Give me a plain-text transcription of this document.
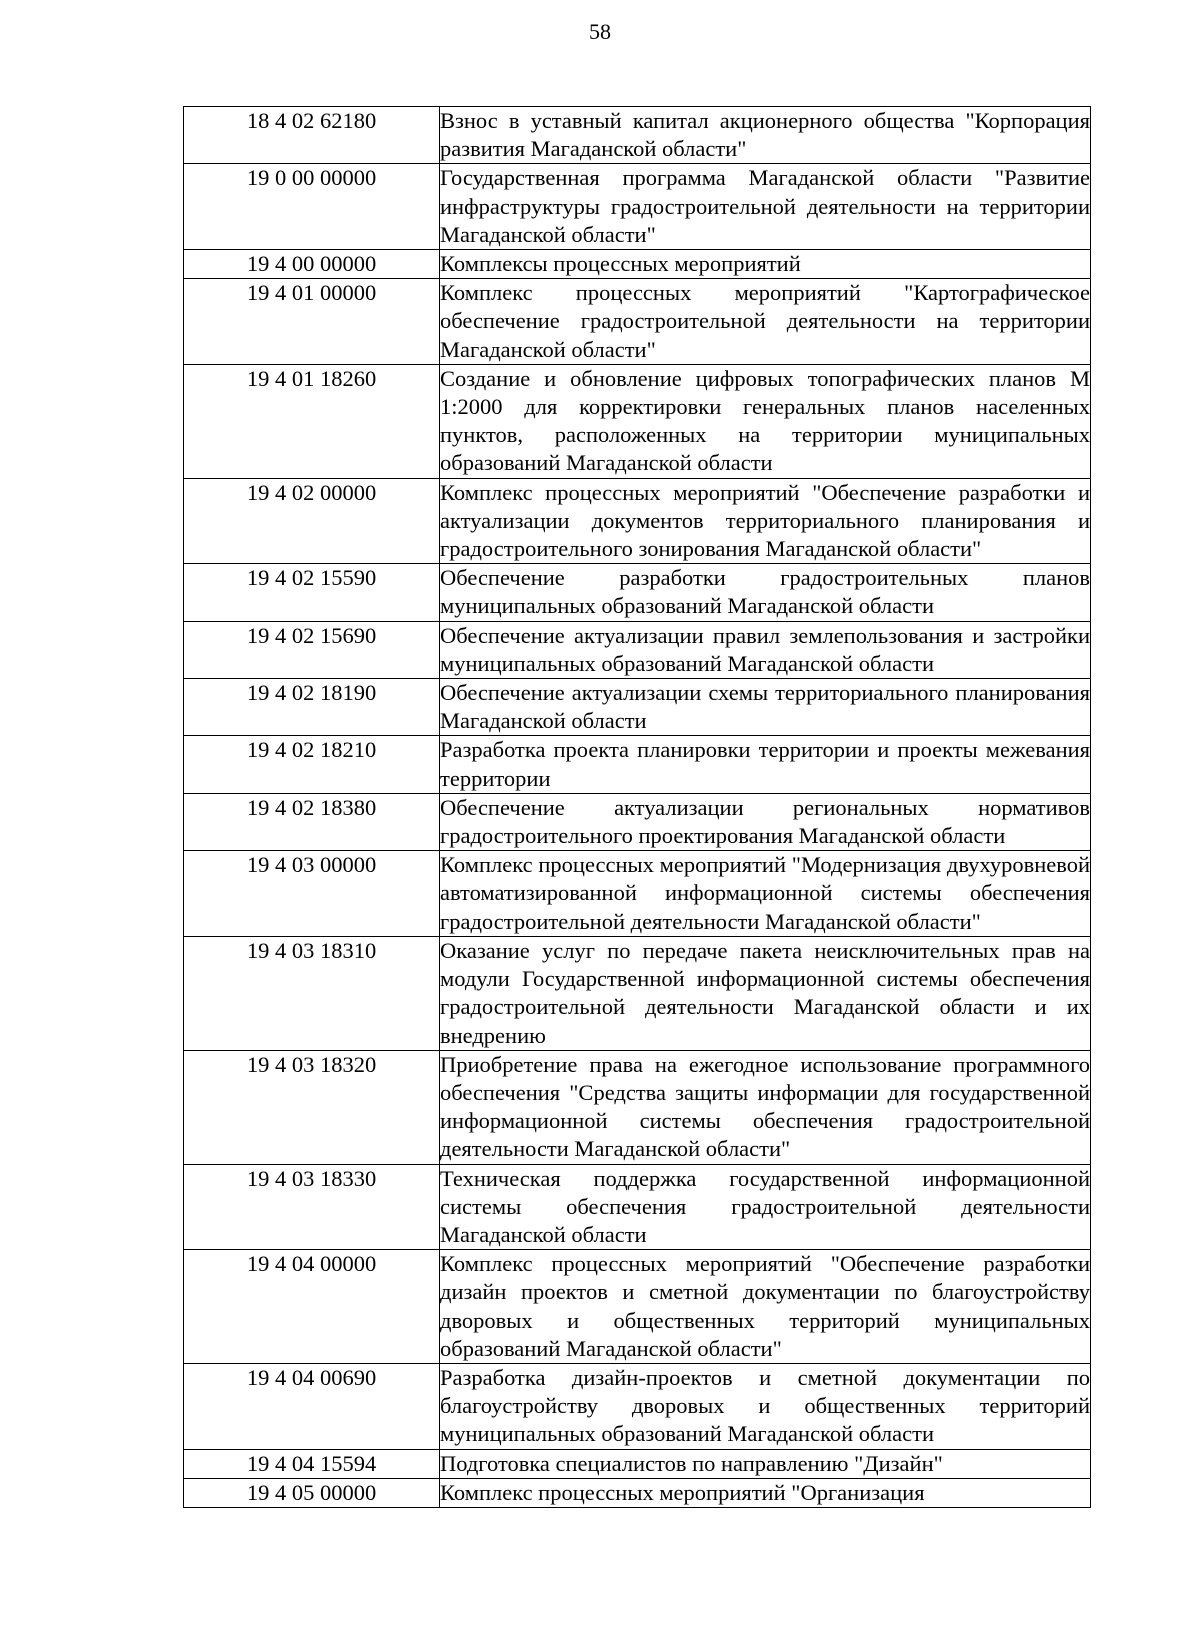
58
18 4 02 62180	Взнос в уставный капитал акционерного общества "Корпорация развития Магаданской области"
19 0 00 00000	Государственная программа Магаданской области "Развитие инфраструктуры градостроительной деятельности на территории Магаданской области"
19 4 00 00000	Комплексы процессных мероприятий
19 4 01 00000	Комплекс процессных мероприятий "Картографическое обеспечение градостроительной деятельности на территории Магаданской области"
19 4 01 18260	Создание и обновление цифровых топографических планов М 1:2000 для корректировки генеральных планов населенных пунктов, расположенных на территории муниципальных образований Магаданской области
19 4 02 00000	Комплекс процессных мероприятий "Обеспечение разработки и актуализации документов территориального планирования и градостроительного зонирования Магаданской области"
19 4 02 15590	Обеспечение разработки градостроительных планов муниципальных образований Магаданской области
19 4 02 15690	Обеспечение актуализации правил землепользования и застройки муниципальных образований Магаданской области
19 4 02 18190	Обеспечение актуализации схемы территориального планирования Магаданской области
19 4 02 18210	Разработка проекта планировки территории и проекты межевания территории
19 4 02 18380	Обеспечение актуализации региональных нормативов градостроительного проектирования Магаданской области
19 4 03 00000	Комплекс процессных мероприятий "Модернизация двухуровневой автоматизированной информационной системы обеспечения градостроительной деятельности Магаданской области"
19 4 03 18310	Оказание услуг по передаче пакета неисключительных прав на модули Государственной информационной системы обеспечения градостроительной деятельности Магаданской области и их внедрению
19 4 03 18320	Приобретение права на ежегодное использование программного обеспечения "Средства защиты информации для государственной информационной системы обеспечения градостроительной деятельности Магаданской области"
19 4 03 18330	Техническая поддержка государственной информационной системы обеспечения градостроительной деятельности Магаданской области
19 4 04 00000	Комплекс процессных мероприятий "Обеспечение разработки дизайн проектов и сметной документации по благоустройству дворовых и общественных территорий муниципальных образований Магаданской области"
19 4 04 00690	Разработка дизайн-проектов и сметной документации по благоустройству дворовых и общественных территорий муниципальных образований Магаданской области
19 4 04 15594	Подготовка специалистов по направлению "Дизайн"
19 4 05 00000	Комплекс процессных мероприятий "Организация
